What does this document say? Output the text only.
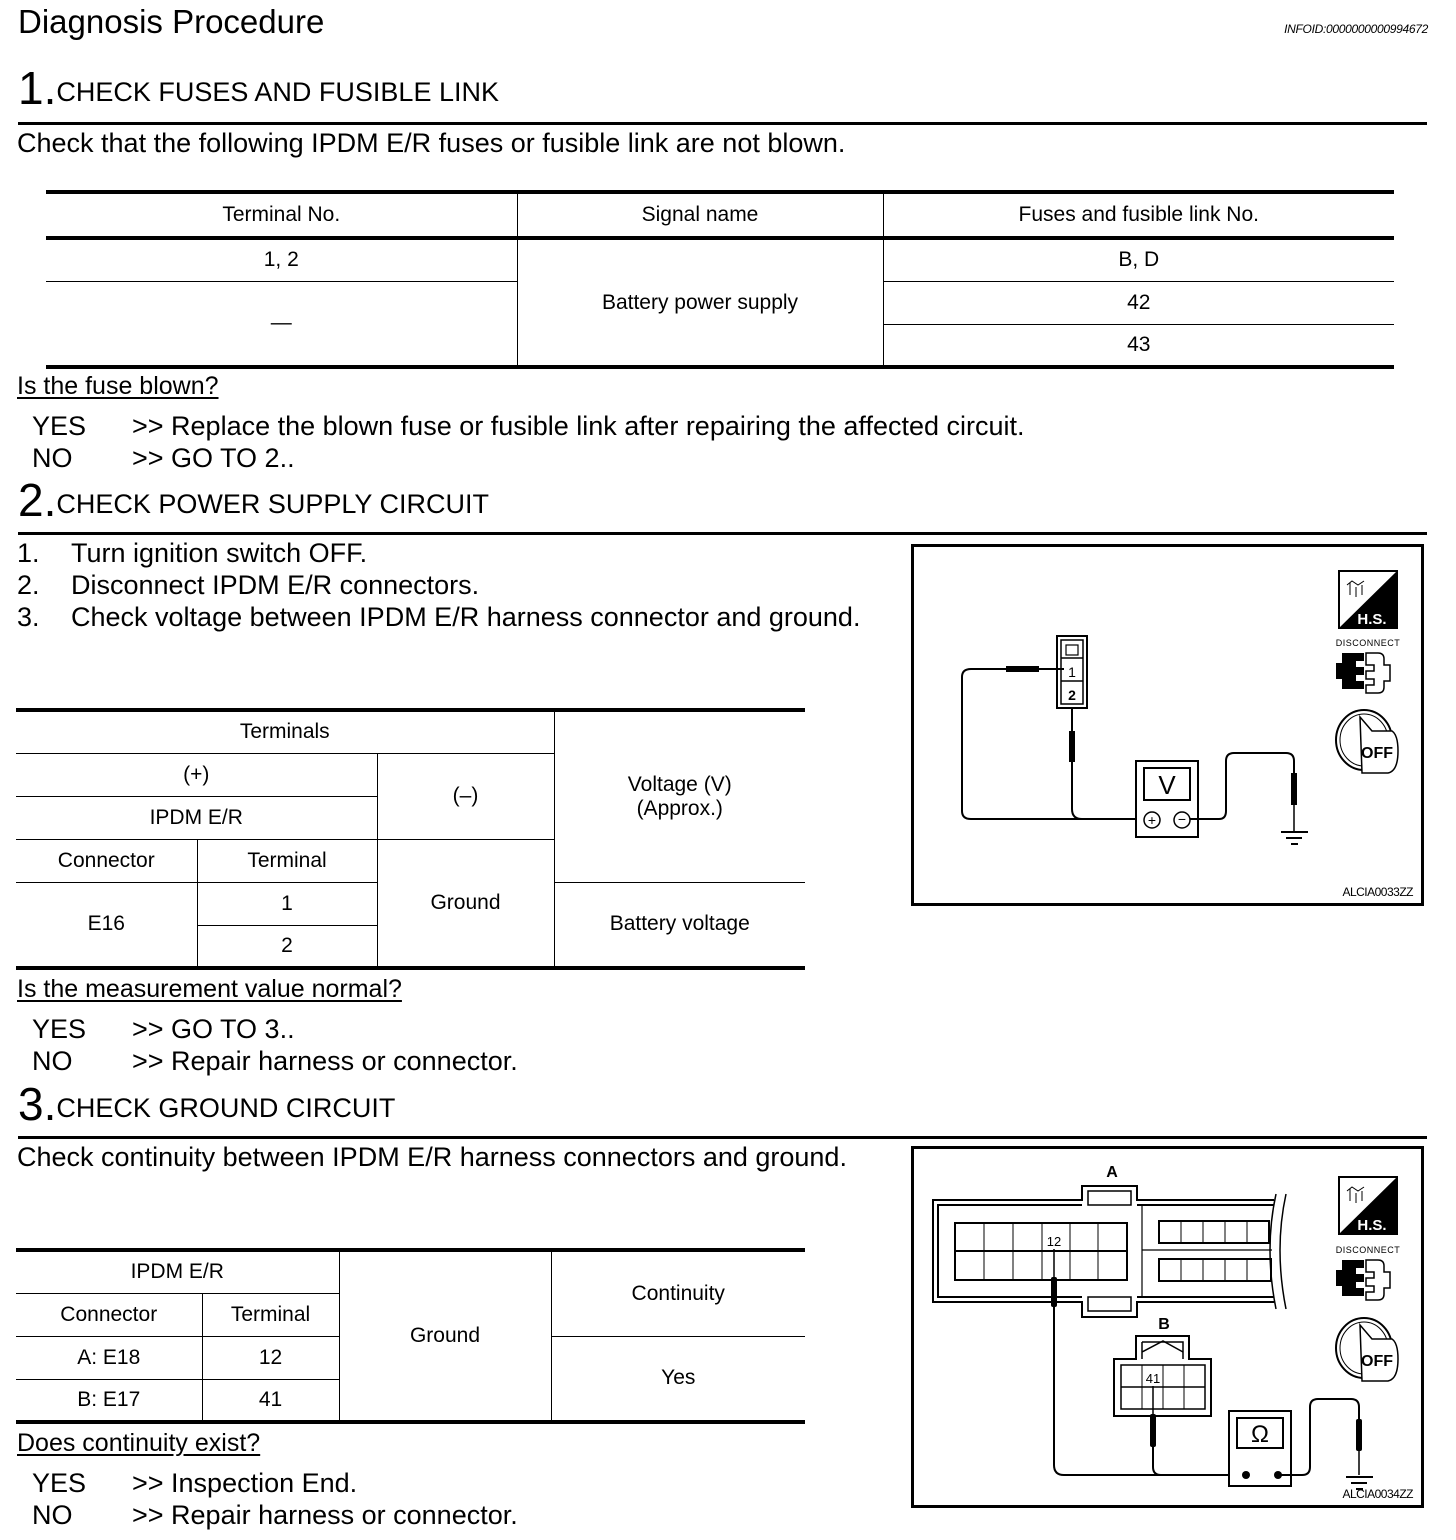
Diagnosis Procedure	INFOID:0000000000994672
1.CHECK FUSES AND FUSIBLE LINK
Check that the following IPDM E/R fuses or fusible link are not blown.
Terminal No.	Signal name	Fuses and fusible link No.
1, 2	Battery power supply	B, D
—		42
		43
Is the fuse blown?
YES >> Replace the blown fuse or fusible link after repairing the affected circuit.
NO >> GO TO 2..
2.CHECK POWER SUPPLY CIRCUIT
1.	Turn ignition switch OFF.
2.	Disconnect IPDM E/R connectors.
3.	Check voltage between IPDM E/R harness connector and ground.
Terminals			Voltage (V)
(Approx.)

(+)		(–)	
IPDM E/R			
Connector	Terminal	Ground	
E16	1		Battery voltage
	2		
1
2
V
+ −
H.S.
DISCONNECT
OFF
ALCIA0033ZZ
Is the measurement value normal?
YES >> GO TO 3..
NO >> Repair harness or connector.
3.CHECK GROUND CIRCUIT
Check continuity between IPDM E/R harness connectors and ground.
IPDM E/R		Ground	Continuity
Connector	Terminal		
A: E18	12		Yes
B: E17	41		
A
12
B
41
Ω
H.S.
DISCONNECT
OFF
ALCIA0034ZZ
Does continuity exist?
YES >> Inspection End.
NO >> Repair harness or connector.
